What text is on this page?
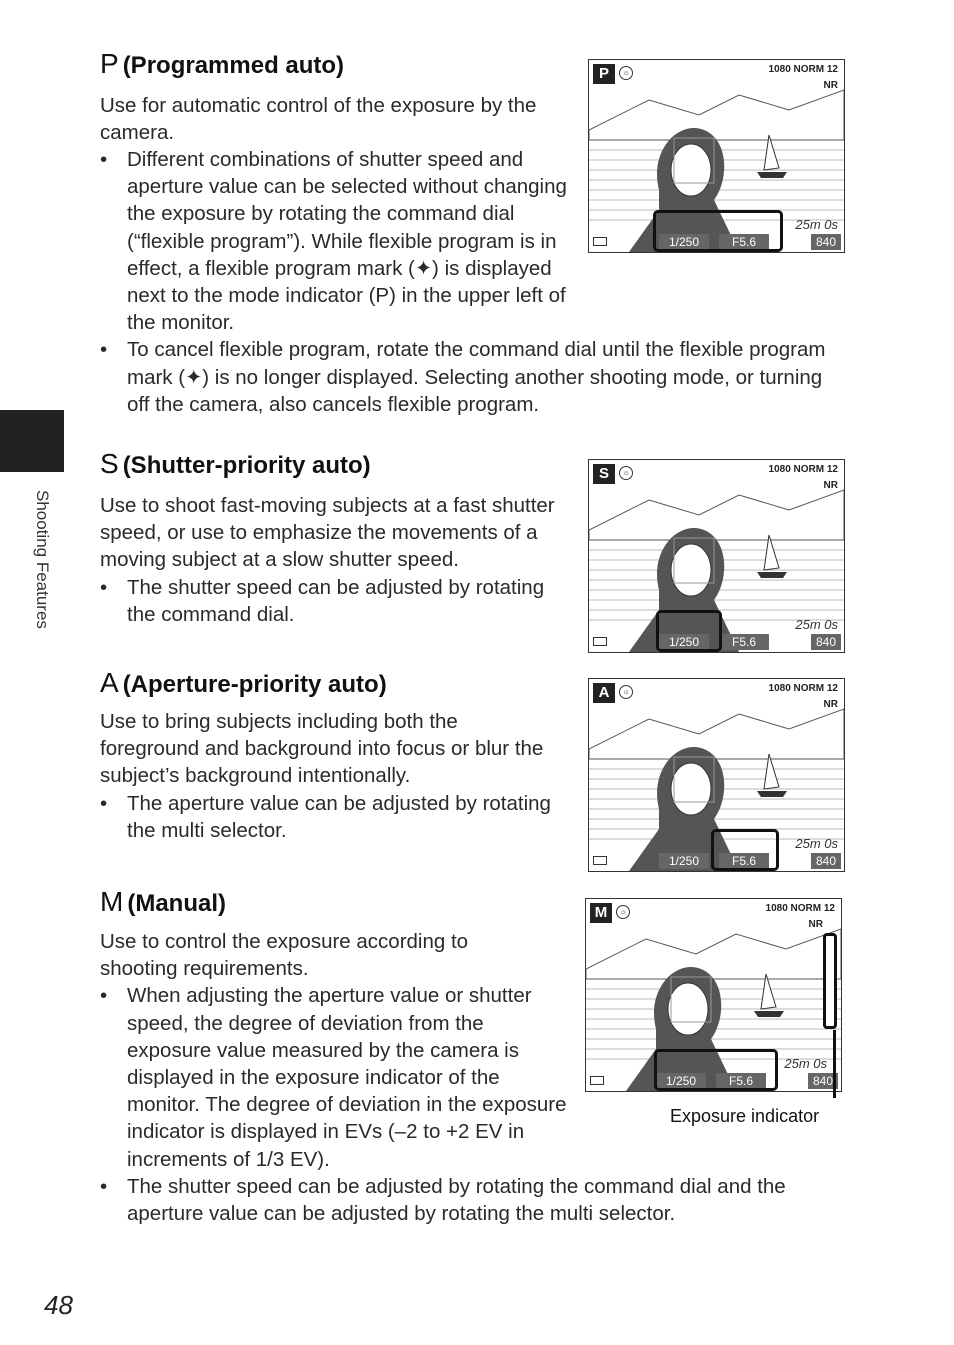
Shooting Features
48
P (Programmed auto)

Use for automatic control of the exposure by the camera.

• Different combinations of shutter speed and aperture value can be selected without changing the exposure by rotating the command dial (“flexible program”). While flexible program is in effect, a flexible program mark (✦) is displayed next to the mode indicator (P) in the upper left of the monitor.

• To cancel flexible program, rotate the command dial until the flexible program mark (✦) is no longer displayed. Selecting another shooting mode, or turning off the camera, also cancels flexible program.

P	☼	1080 NORM 12
NR
25m 0s
1/250	F5.6	840
S (Shutter-priority auto)

Use to shoot fast-moving subjects at a fast shutter speed, or use to emphasize the movements of a moving subject at a slow shutter speed.

• The shutter speed can be adjusted by rotating the command dial.

S	☼	1080 NORM 12
NR
25m 0s
1/250	F5.6	840
A (Aperture-priority auto)

Use to bring subjects including both the foreground and background into focus or blur the subject’s background intentionally.

• The aperture value can be adjusted by rotating the multi selector.

A	☼	1080 NORM 12
NR
25m 0s
1/250	F5.6	840
M (Manual)

Use to control the exposure according to shooting requirements.

• When adjusting the aperture value or shutter speed, the degree of deviation from the exposure value measured by the camera is displayed in the exposure indicator of the monitor. The degree of deviation in the exposure indicator is displayed in EVs (–2 to +2 EV in increments of 1/3 EV).

• The shutter speed can be adjusted by rotating the command dial and the aperture value can be adjusted by rotating the multi selector.

M	☼	1080 NORM 12
NR
25m 0s
1/250	F5.6	840
Exposure indicator
